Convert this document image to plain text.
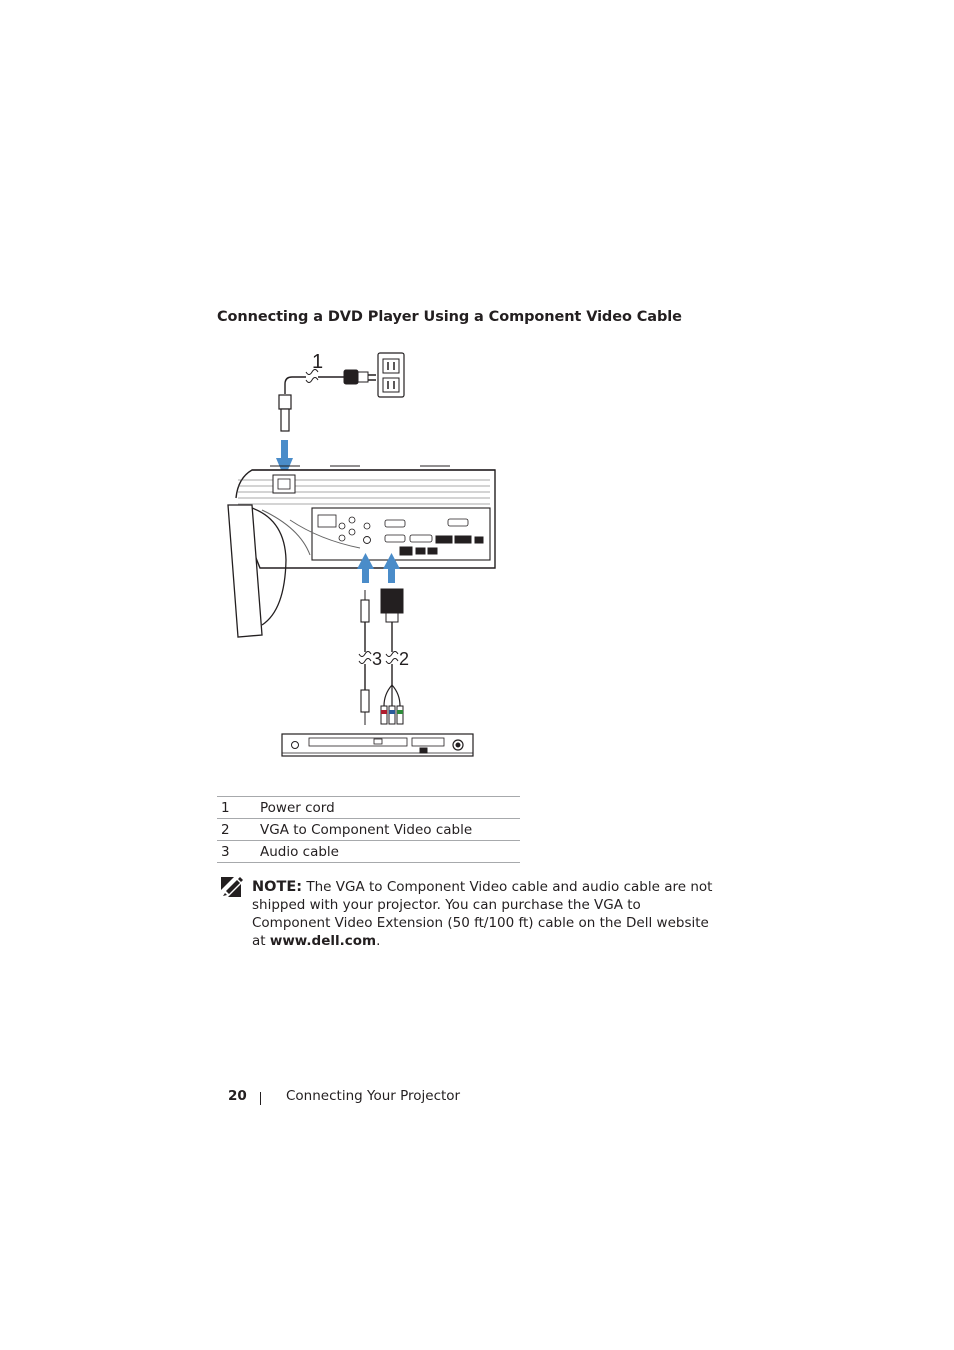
Connecting a DVD Player Using a Component Video Cable
1
3 2
1	Power cord
2	VGA to Component Video cable
3	Audio cable

NOTE: The VGA to Component Video cable and audio cable are not shipped with your projector. You can purchase the VGA to Component Video Extension (50 ft/100 ft) cable on the Dell website at www.dell.com.

20	Connecting Your Projector
